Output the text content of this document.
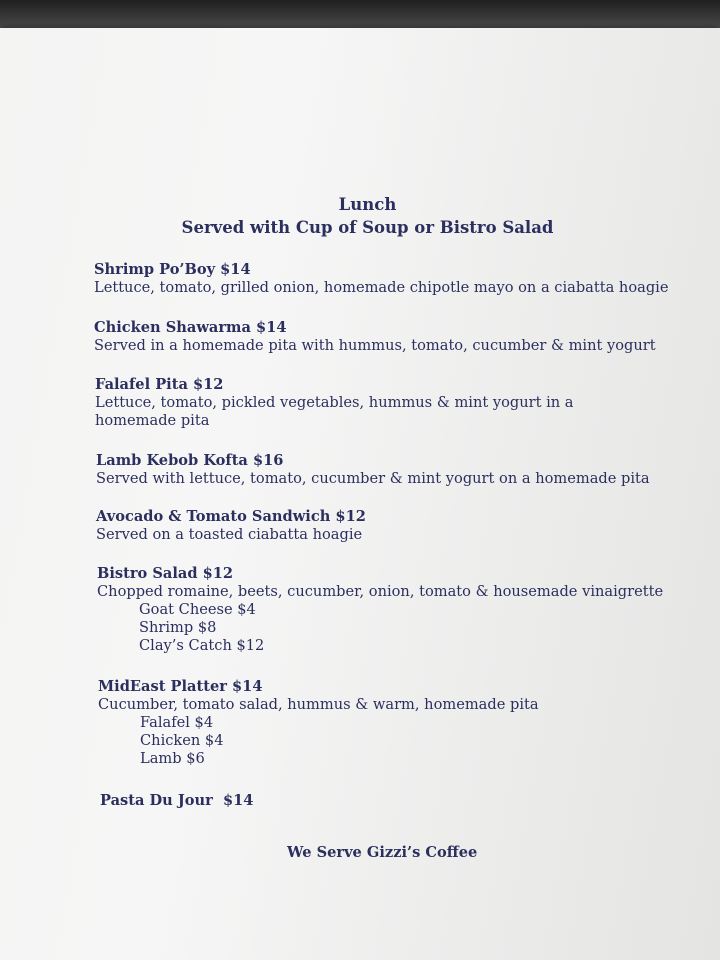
Lunch
Served with Cup of Soup or Bistro Salad
Shrimp Po’Boy $14
Lettuce, tomato, grilled onion, homemade chipotle mayo on a ciabatta hoagie
Chicken Shawarma $14
Served in a homemade pita with hummus, tomato, cucumber & mint yogurt
Falafel Pita $12
Lettuce, tomato, pickled vegetables, hummus & mint yogurt in a homemade pita
Lamb Kebob Kofta $16
Served with lettuce, tomato, cucumber & mint yogurt on a homemade pita
Avocado & Tomato Sandwich $12
Served on a toasted ciabatta hoagie
Bistro Salad $12
Chopped romaine, beets, cucumber, onion, tomato & housemade vinaigrette
Goat Cheese $4
Shrimp $8
Clay’s Catch $12
MidEast Platter $14
Cucumber, tomato salad, hummus & warm, homemade pita
Falafel $4
Chicken $4
Lamb $6
Pasta Du Jour  $14

We Serve Gizzi’s Coffee
